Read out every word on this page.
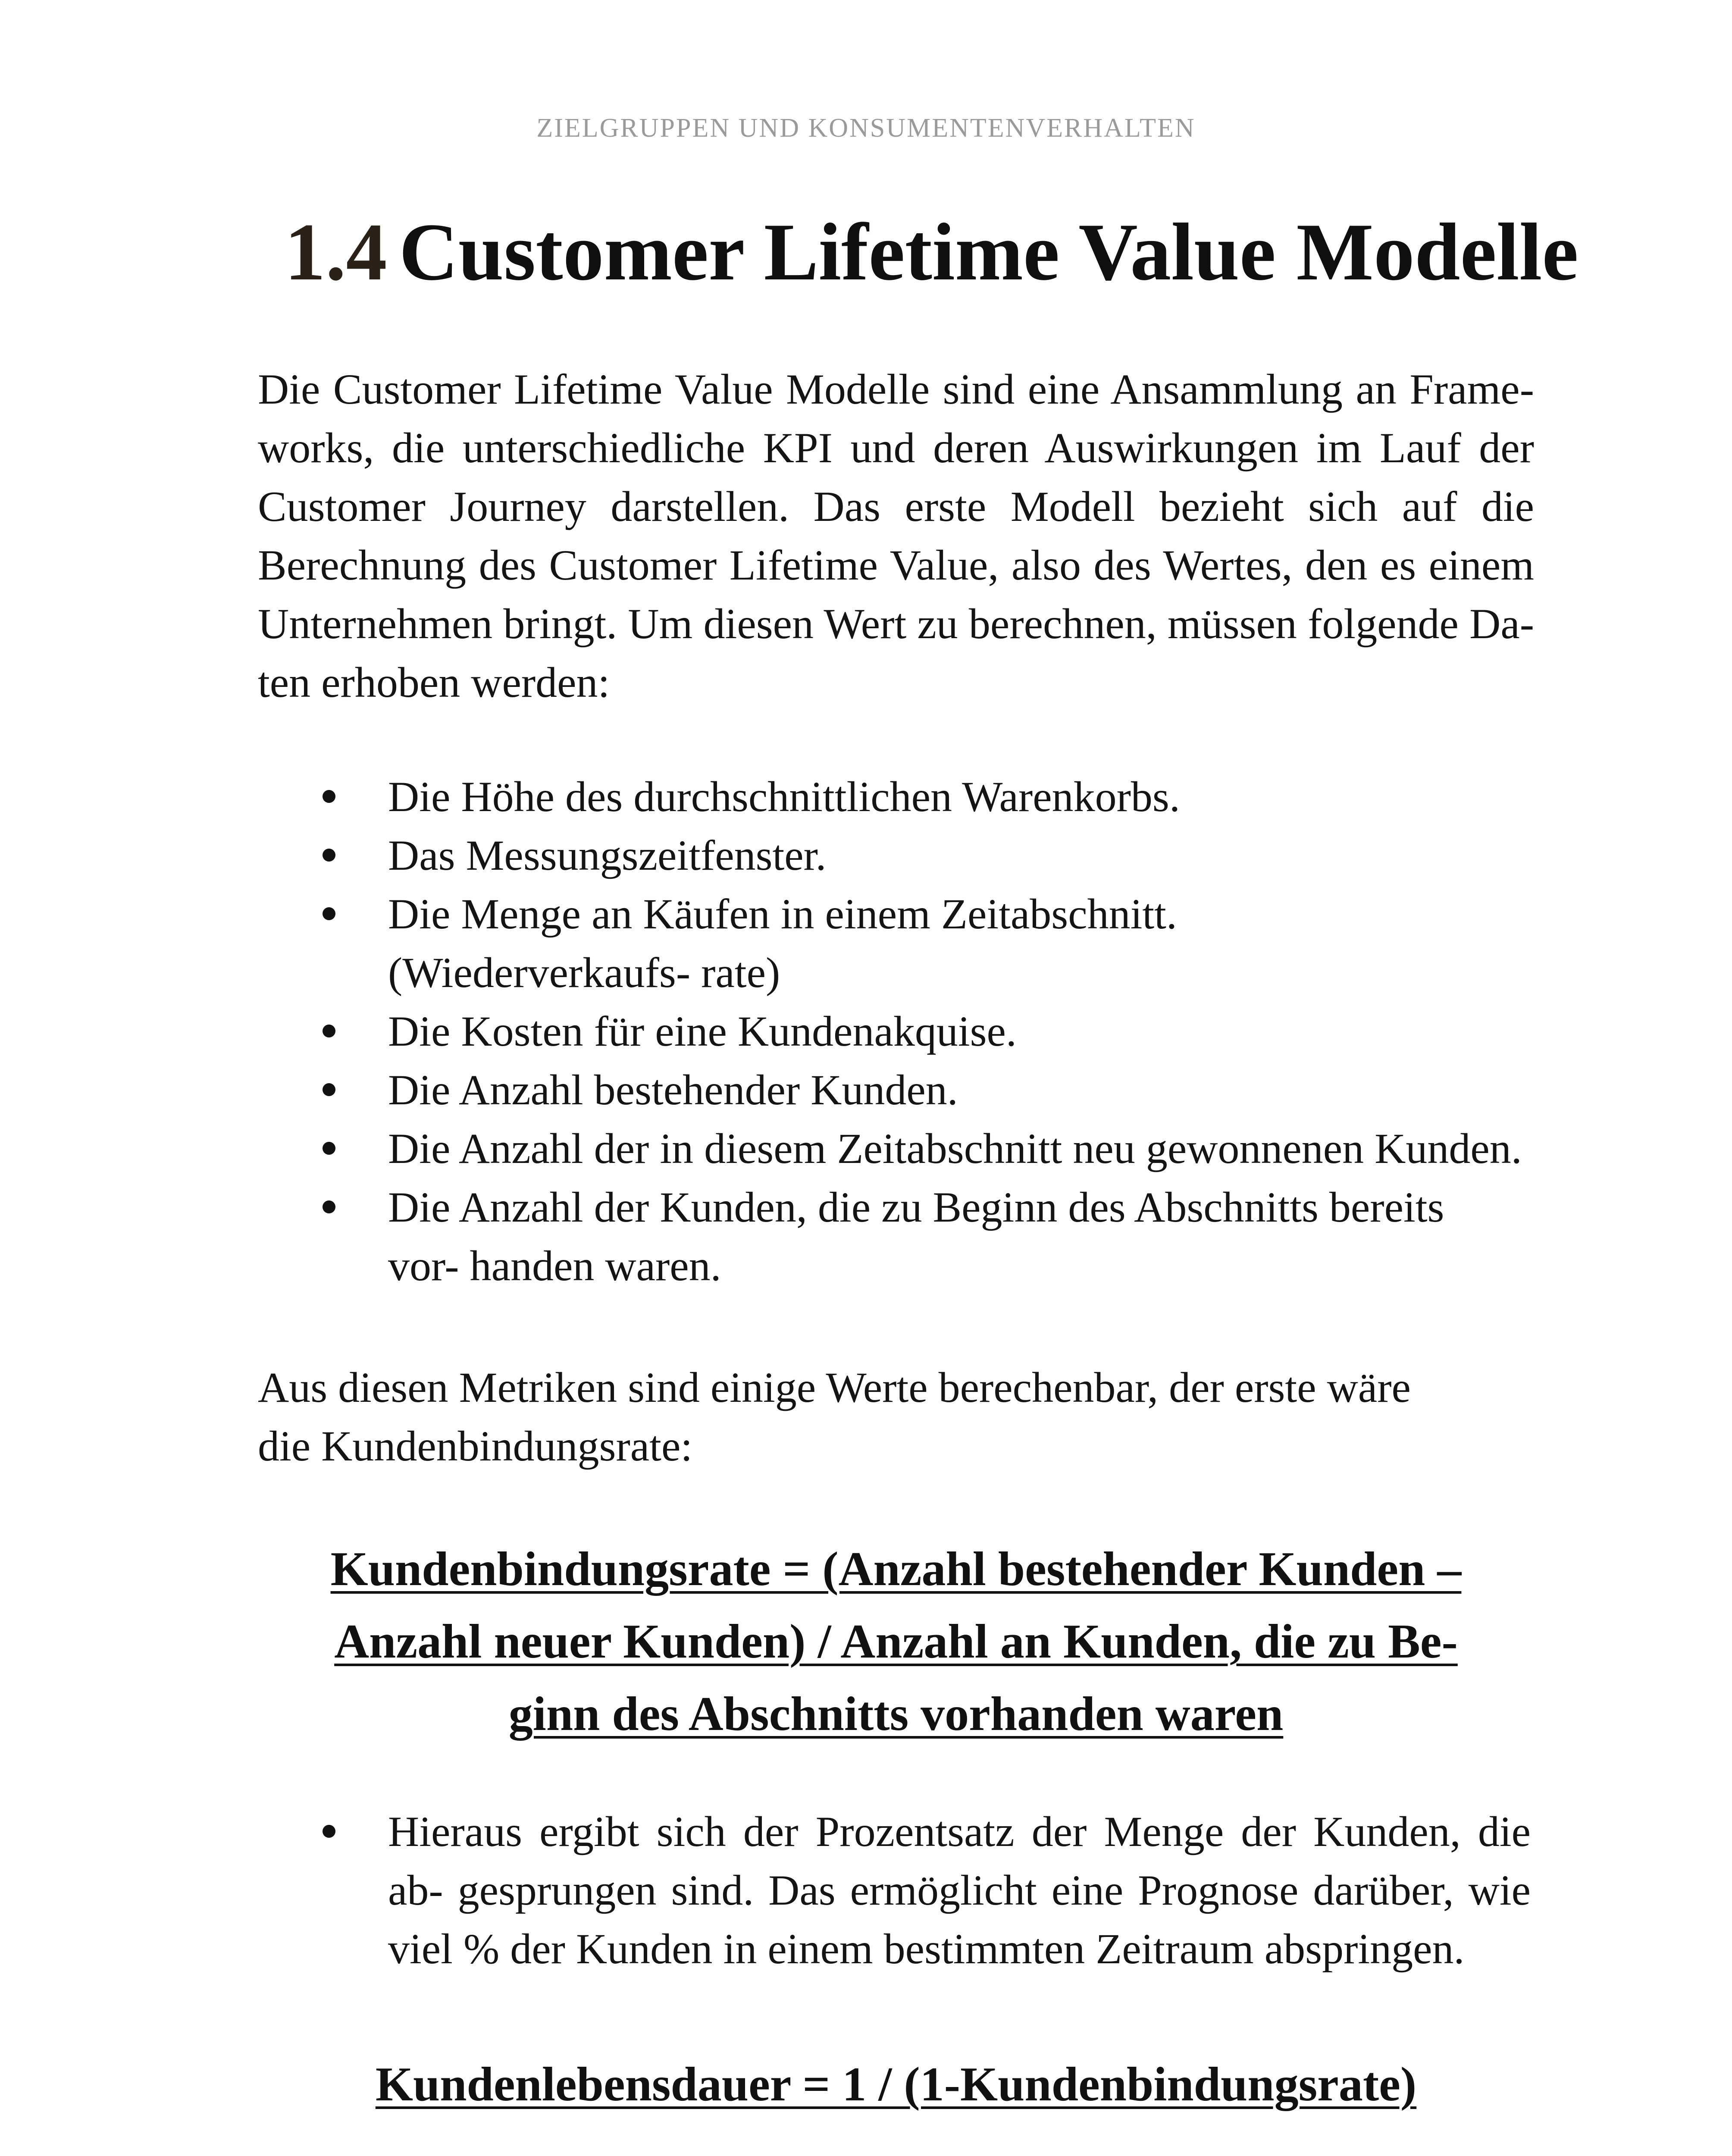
ZIELGRUPPEN UND KONSUMENTENVERHALTEN
1.4 Customer Lifetime Value Modelle

Die Customer Lifetime Value Modelle sind eine Ansammlung an Frame-

works, die unterschiedliche KPI und deren Auswirkungen im Lauf der

Customer Journey darstellen. Das erste Modell bezieht sich auf die

Berechnung des Customer Lifetime Value, also des Wertes, den es einem

Unternehmen bringt. Um diesen Wert zu berechnen, müssen folgende Da-

ten erhoben werden:

Die Höhe des durchschnittlichen Warenkorbs.
Das Messungszeitfenster.
Die Menge an Käufen in einem Zeitabschnitt. (Wiederverkaufs- rate)
Die Kosten für eine Kundenakquise.
Die Anzahl bestehender Kunden.
Die Anzahl der in diesem Zeitabschnitt neu gewonnenen Kunden.
Die Anzahl der Kunden, die zu Beginn des Abschnitts bereits vor- handen waren.
Aus diesen Metriken sind einige Werte berechenbar, der erste wäre
die Kundenbindungsrate:
Kundenbindungsrate = (Anzahl bestehender Kunden –
Anzahl neuer Kunden) / Anzahl an Kunden, die zu Be-
ginn des Abschnitts vorhanden waren
Hieraus ergibt sich der Prozentsatz der Menge der Kunden, die ab- gesprungen sind. Das ermöglicht eine Prognose darüber, wie viel % der Kunden in einem bestimmten Zeitraum abspringen.
Kundenlebensdauer = 1 / (1-Kundenbindungsrate)
